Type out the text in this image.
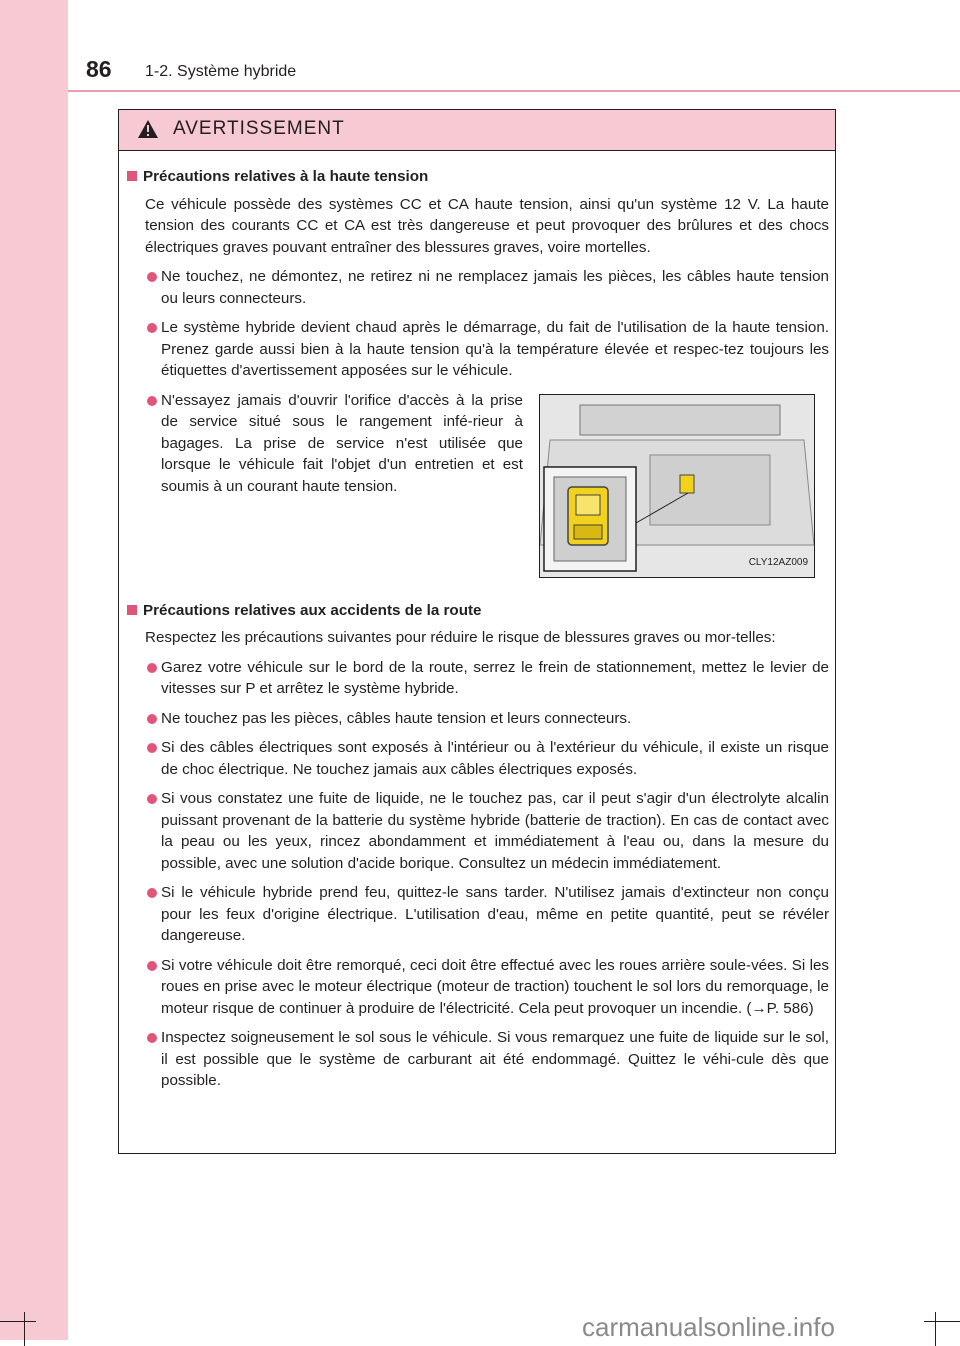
86 1-2. Système hybride
AVERTISSEMENT
Précautions relatives à la haute tension
Ce véhicule possède des systèmes CC et CA haute tension, ainsi qu'un système 12 V. La haute tension des courants CC et CA est très dangereuse et peut provoquer des brûlures et des chocs électriques graves pouvant entraîner des blessures graves, voire mortelles.
Ne touchez, ne démontez, ne retirez ni ne remplacez jamais les pièces, les câbles haute tension ou leurs connecteurs.
Le système hybride devient chaud après le démarrage, du fait de l'utilisation de la haute tension. Prenez garde aussi bien à la haute tension qu'à la température élevée et respec-tez toujours les étiquettes d'avertissement apposées sur le véhicule.
N'essayez jamais d'ouvrir l'orifice d'accès à la prise de service situé sous le rangement infé-rieur à bagages. La prise de service n'est utilisée que lorsque le véhicule fait l'objet d'un entretien et est soumis à un courant haute tension.
CLY12AZ009
Précautions relatives aux accidents de la route
Respectez les précautions suivantes pour réduire le risque de blessures graves ou mor-telles:
Garez votre véhicule sur le bord de la route, serrez le frein de stationnement, mettez le levier de vitesses sur P et arrêtez le système hybride.
Ne touchez pas les pièces, câbles haute tension et leurs connecteurs.
Si des câbles électriques sont exposés à l'intérieur ou à l'extérieur du véhicule, il existe un risque de choc électrique. Ne touchez jamais aux câbles électriques exposés.
Si vous constatez une fuite de liquide, ne le touchez pas, car il peut s'agir d'un électrolyte alcalin puissant provenant de la batterie du système hybride (batterie de traction). En cas de contact avec la peau ou les yeux, rincez abondamment et immédiatement à l'eau ou, dans la mesure du possible, avec une solution d'acide borique. Consultez un médecin immédiatement.
Si le véhicule hybride prend feu, quittez-le sans tarder. N'utilisez jamais d'extincteur non conçu pour les feux d'origine électrique. L'utilisation d'eau, même en petite quantité, peut se révéler dangereuse.
Si votre véhicule doit être remorqué, ceci doit être effectué avec les roues arrière soule-vées. Si les roues en prise avec le moteur électrique (moteur de traction) touchent le sol lors du remorquage, le moteur risque de continuer à produire de l'électricité. Cela peut provoquer un incendie. (→P. 586)
Inspectez soigneusement le sol sous le véhicule. Si vous remarquez une fuite de liquide sur le sol, il est possible que le système de carburant ait été endommagé. Quittez le véhi-cule dès que possible.
carmanualsonline.info
